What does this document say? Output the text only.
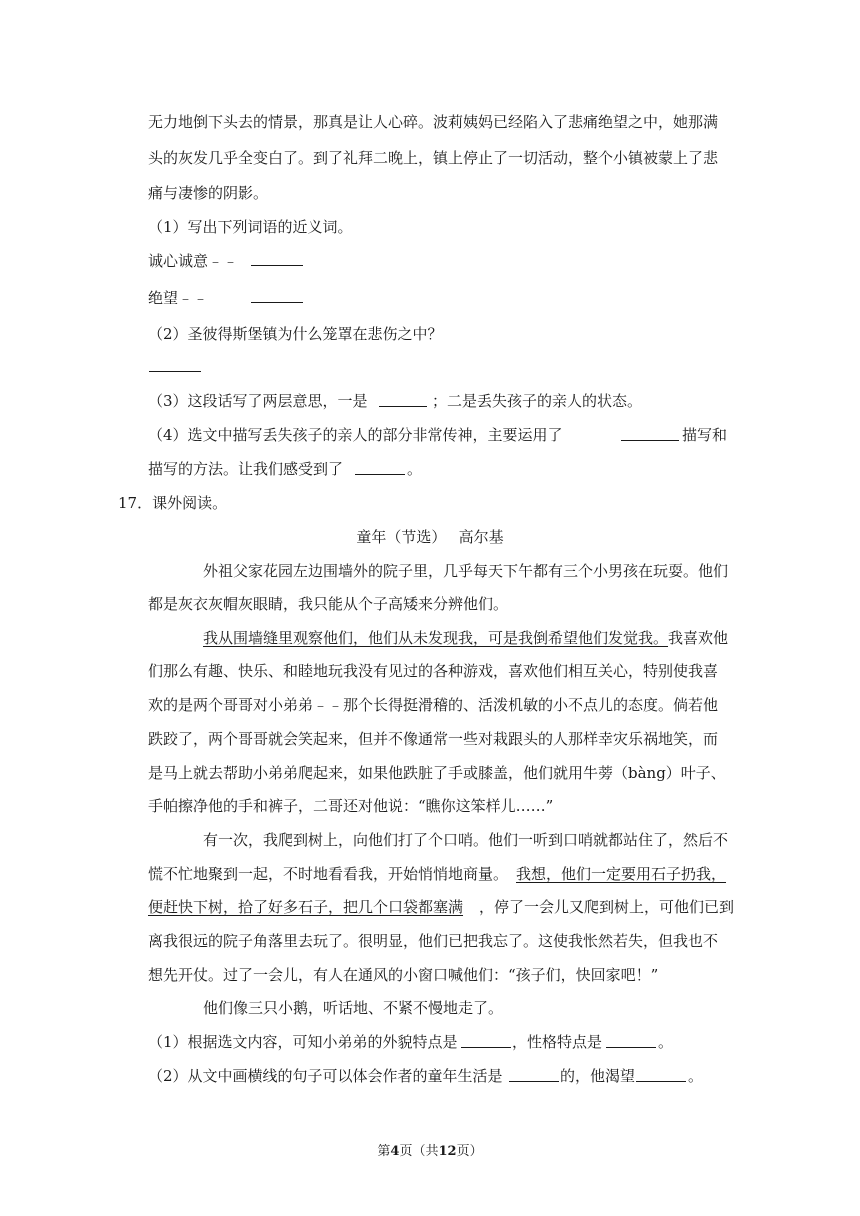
无力地倒下头去的情景，那真是让人心碎。波莉姨妈已经陷入了悲痛绝望之中，她那满
头的灰发几乎全变白了。到了礼拜二晚上，镇上停止了一切活动，整个小镇被蒙上了悲
痛与凄惨的阴影。
（1）写出下列词语的近义词。
诚心诚意﹣﹣
绝望﹣﹣
（2）圣彼得斯堡镇为什么笼罩在悲伤之中？
（3）这段话写了两层意思，一是	；二是丢失孩子的亲人的状态。
（4）选文中描写丢失孩子的亲人的部分非常传神，主要运用了	描写和
描写的方法。让我们感受到了	。
17．课外阅读。
童年（节选）　 高尔基
外祖父家花园左边围墙外的院子里，几乎每天下午都有三个小男孩在玩耍。他们
都是灰衣灰帽灰眼睛，我只能从个子高矮来分辨他们。
我从围墙缝里观察他们，他们从未发现我，可是我倒希望他们发觉我。 我喜欢他
们那么有趣、快乐、和睦地玩我没有见过的各种游戏，喜欢他们相互关心，特别使我喜
欢的是两个哥哥对小弟弟﹣﹣那个长得挺滑稽的、活泼机敏的小不点儿的态度。倘若他
跌跤了，两个哥哥就会笑起来，但并不像通常一些对栽跟头的人那样幸灾乐祸地笑，而
是马上就去帮助小弟弟爬起来，如果他跌脏了手或膝盖，他们就用牛蒡（bàng）叶子、
手帕擦净他的手和裤子，二哥还对他说：“瞧你这笨样儿……”
有一次，我爬到树上，向他们打了个口哨。他们一听到口哨就都站住了，然后不
慌不忙地聚到一起，不时地看看我，开始悄悄地商量。 我想，他们一定要用石子扔我，
便赶快下树，拾了好多石子，把几个口袋都塞满 ，停了一会儿又爬到树上，可他们已到
离我很远的院子角落里去玩了。很明显，他们已把我忘了。这使我怅然若失，但我也不
想先开仗。过了一会儿，有人在通风的小窗口喊他们：“孩子们，快回家吧！”
他们像三只小鹅，听话地、不紧不慢地走了。
（1）根据选文内容，可知小弟弟的外貌特点是	，性格特点是	。
（2）从文中画横线的句子可以体会作者的童年生活是	的，他渴望	。
第4页（共12页）
